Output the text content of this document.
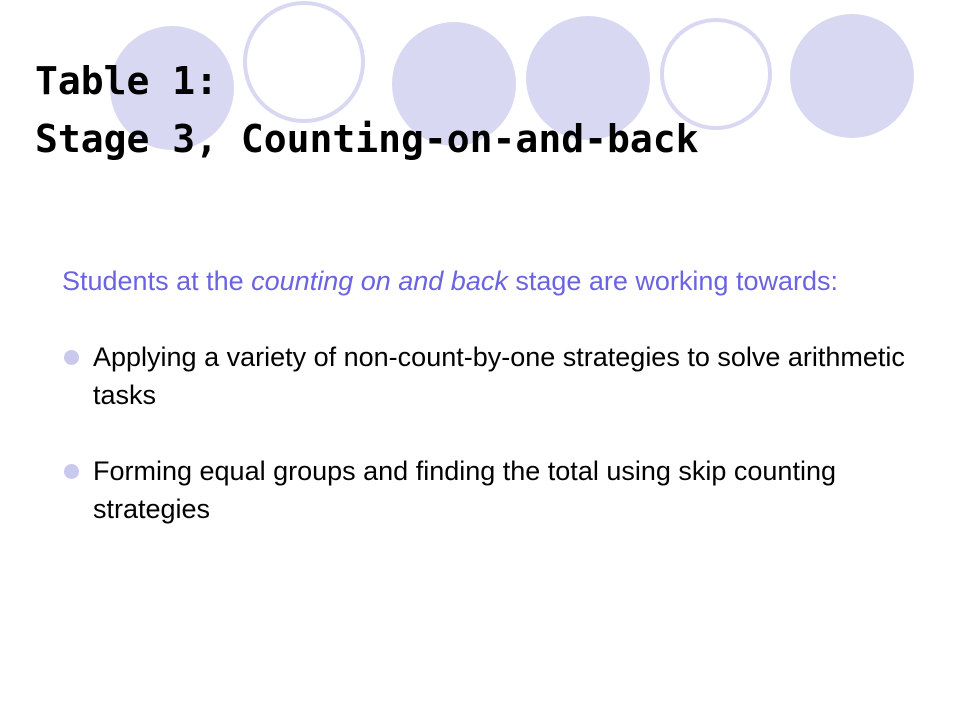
Table 1:
Stage 3, Counting-on-and-back

Students at the counting on and back stage are working towards:

Applying a variety of non-count-by-one strategies to solve arithmetic tasks
Forming equal groups and finding the total using skip counting strategies
